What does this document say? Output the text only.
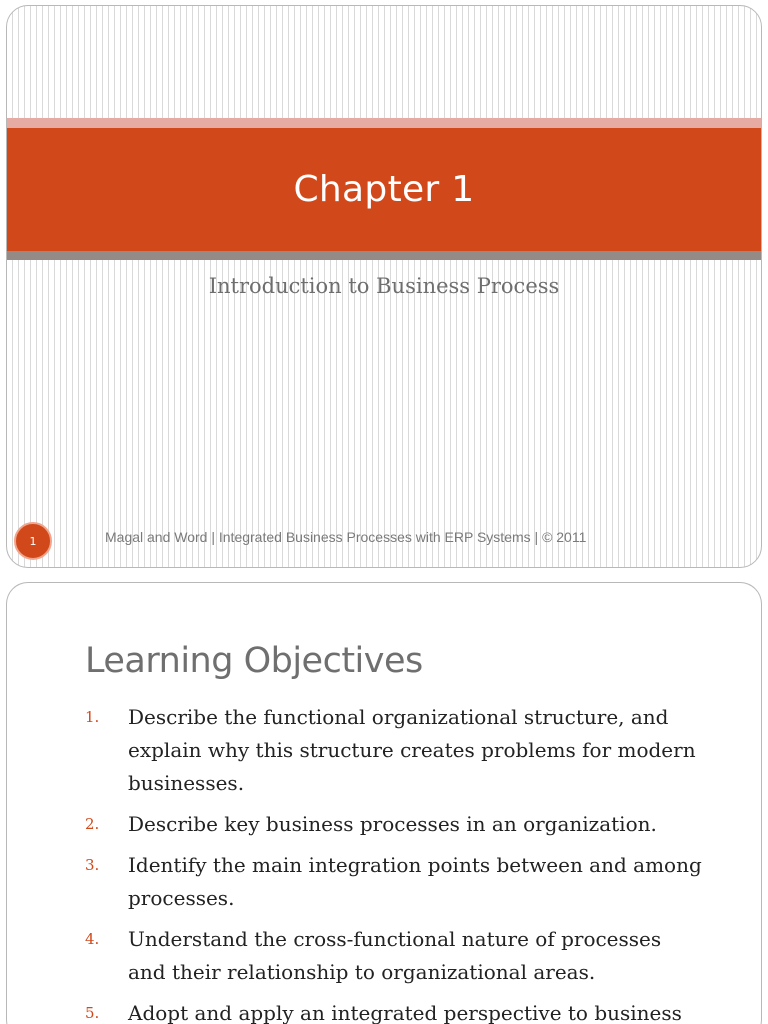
Chapter 1
Introduction to Business Process
1	Magal and Word | Integrated Business Processes with ERP Systems | © 2011
Learning Objectives
1.	Describe the functional organizational structure, and explain why this structure creates problems for modern businesses.
2.	Describe key business processes in an organization.
3.	Identify the main integration points between and among processes.
4.	Understand the cross-functional nature of processes and their relationship to organizational areas.
5.	Adopt and apply an integrated perspective to business
